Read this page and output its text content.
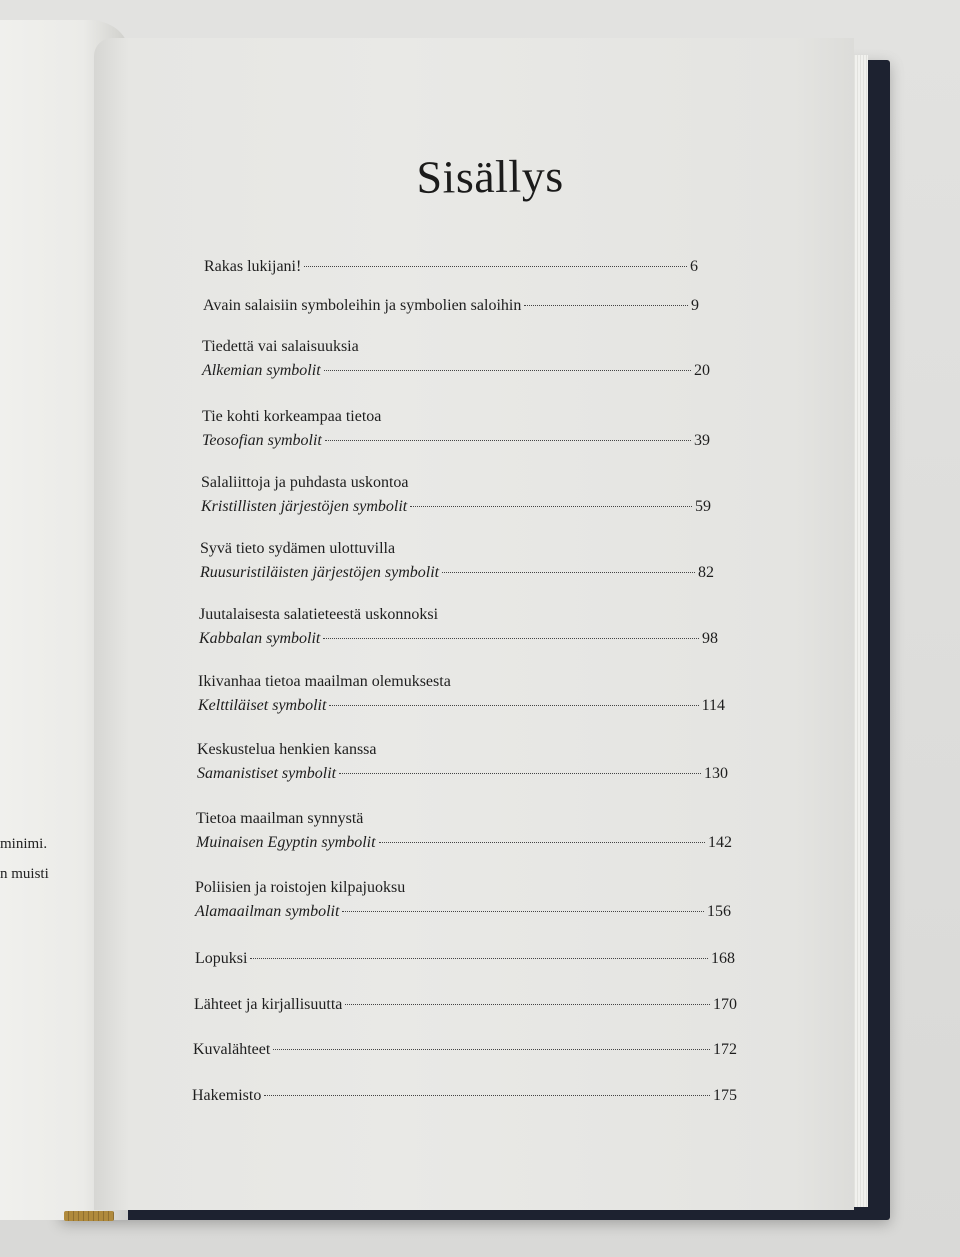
minimi.
n muisti
Sisällys
Rakas lukijani!	6
Avain salaisiin symboleihin ja symbolien saloihin	9
Tiedettä vai salaisuuksia
Alkemian symbolit	20
Tie kohti korkeampaa tietoa
Teosofian symbolit	39
Salaliittoja ja puhdasta uskontoa
Kristillisten järjestöjen symbolit	59
Syvä tieto sydämen ulottuvilla
Ruusuristiläisten järjestöjen symbolit	82
Juutalaisesta salatieteestä uskonnoksi
Kabbalan symbolit	98
Ikivanhaa tietoa maailman olemuksesta
Kelttiläiset symbolit	114
Keskustelua henkien kanssa
Samanistiset symbolit	130
Tietoa maailman synnystä
Muinaisen Egyptin symbolit	142
Poliisien ja roistojen kilpajuoksu
Alamaailman symbolit	156
Lopuksi	168
Lähteet ja kirjallisuutta	170
Kuvalähteet	172
Hakemisto	175
